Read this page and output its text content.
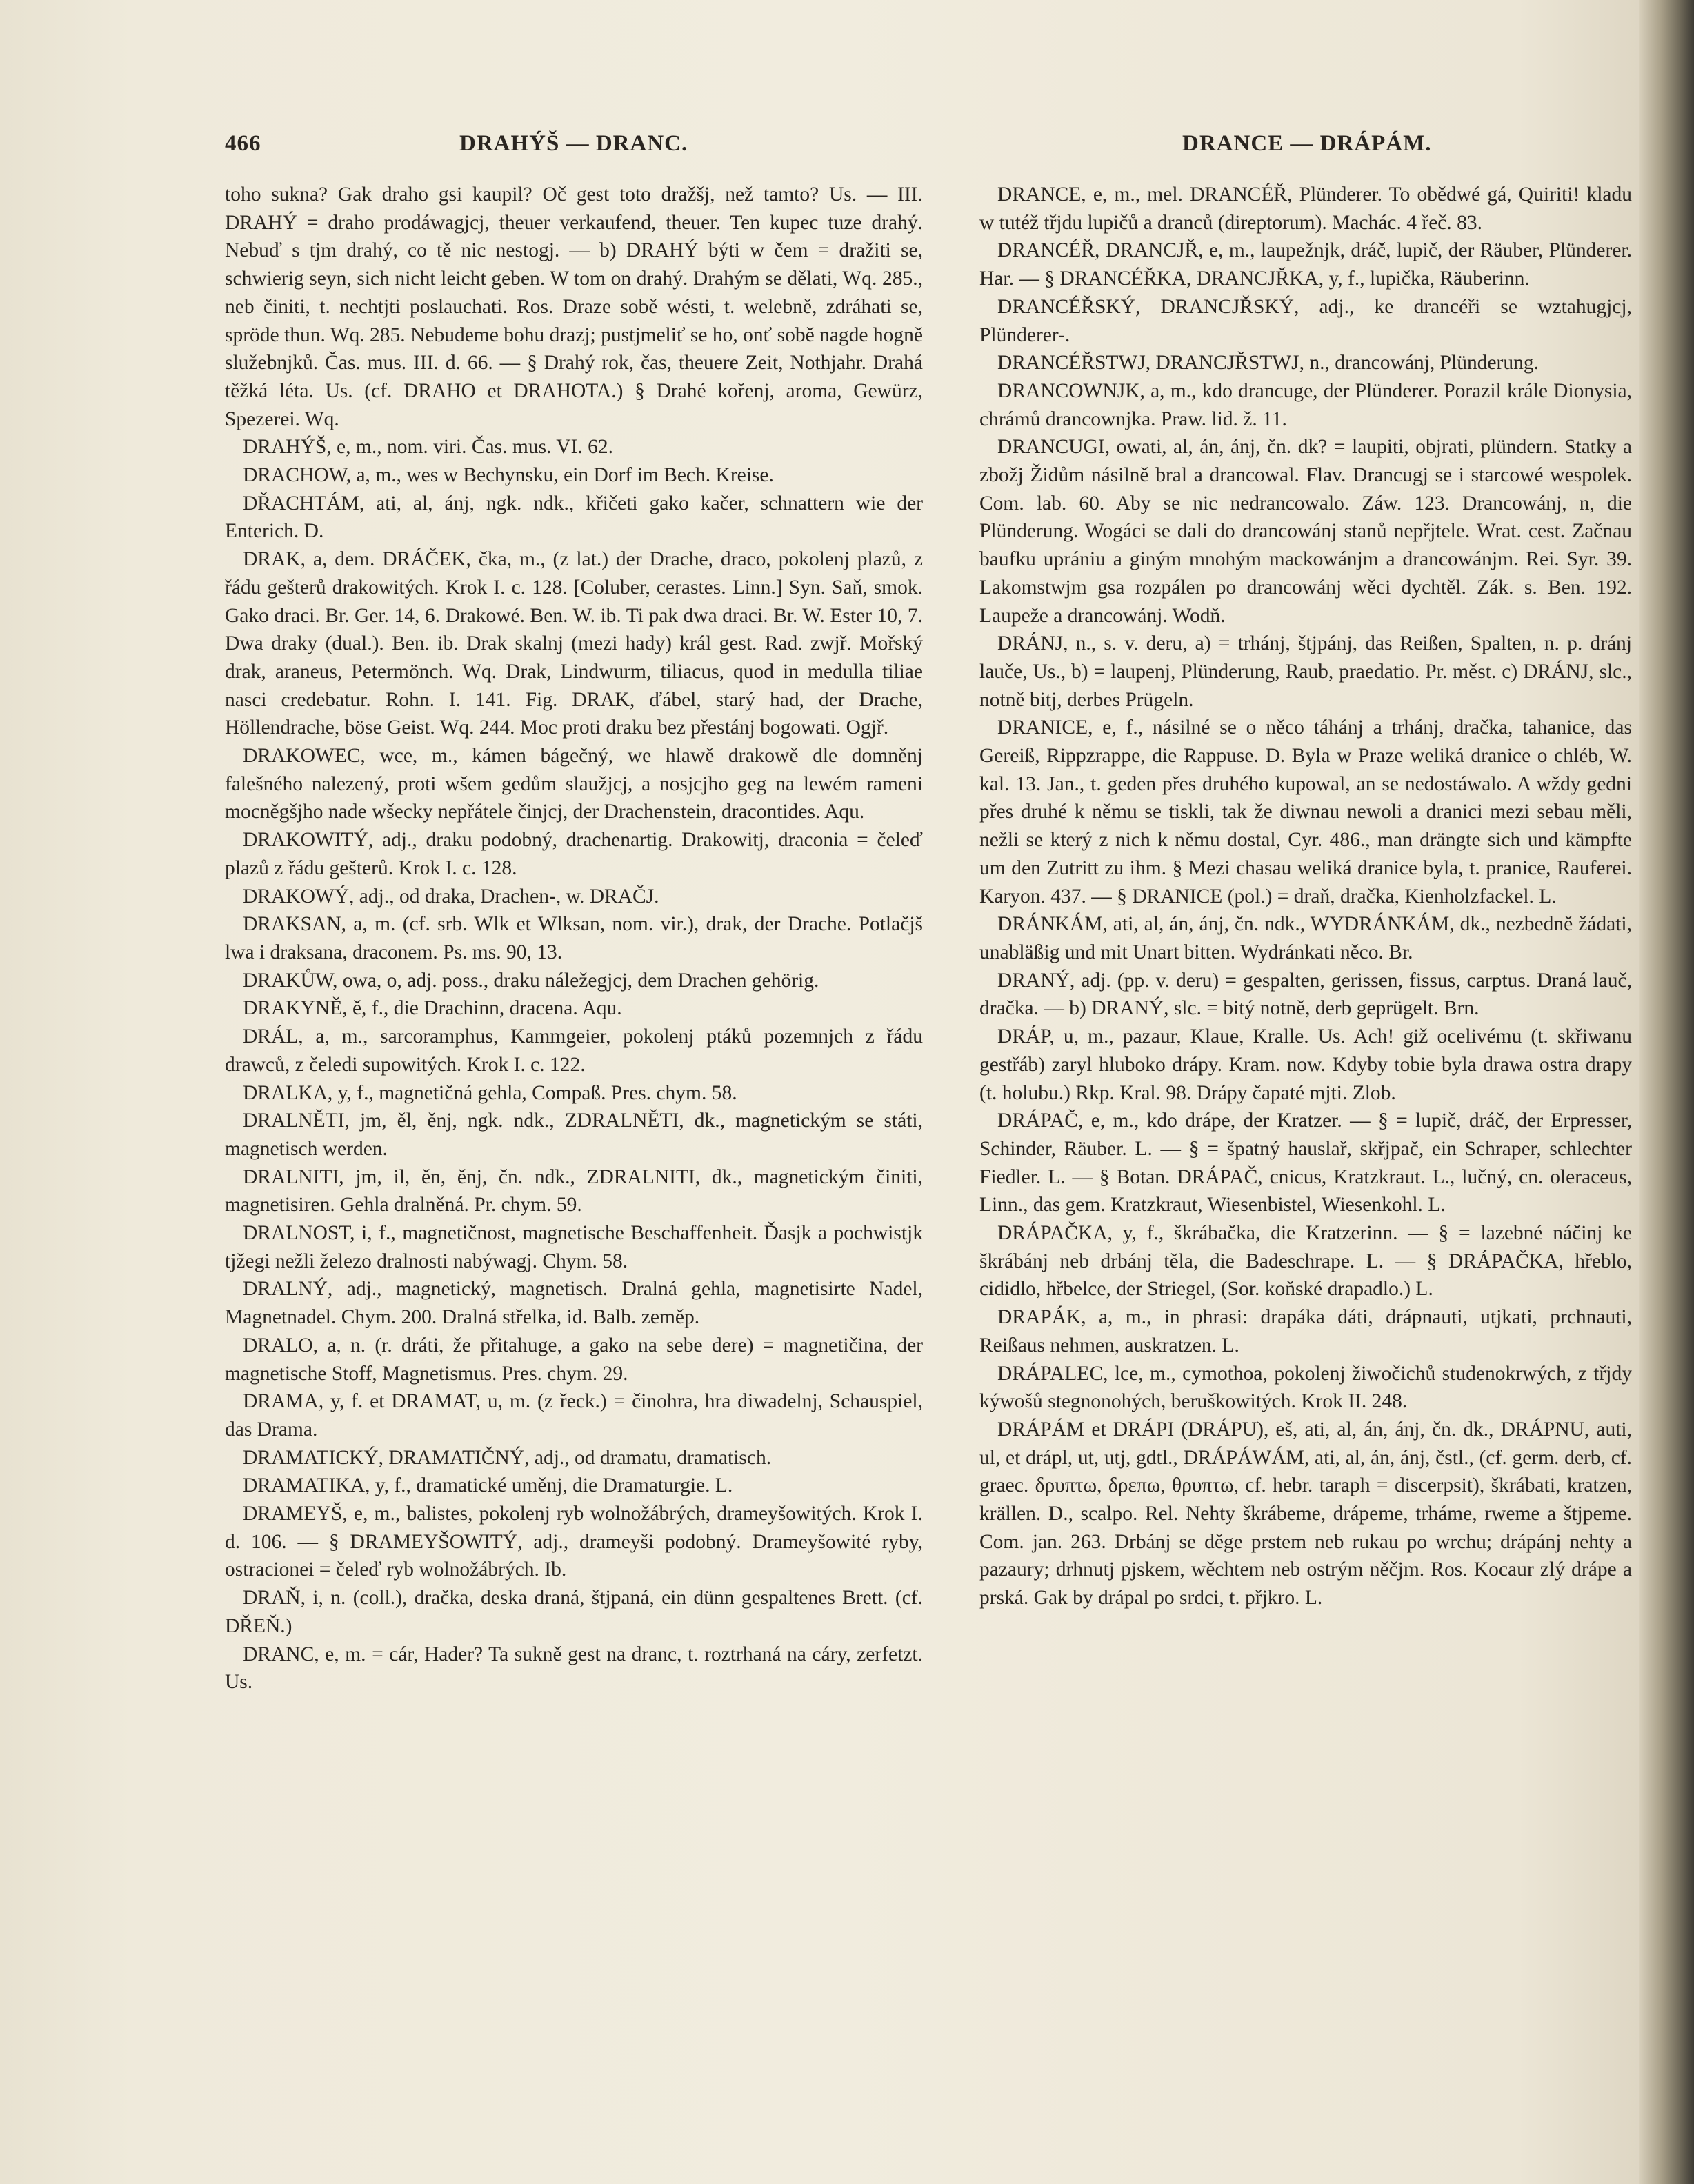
466	DRAHÝŠ — DRANC.	DRANCE — DRÁPÁM.

toho sukna? Gak draho gsi kaupil? Oč gest toto dražšj, než tamto? Us. — III. DRAHÝ = draho prodáwagjcj, theuer verkaufend, theuer. Ten kupec tuze drahý. Nebuď s tjm drahý, co tě nic nestogj. — b) DRAHÝ býti w čem = dražiti se, schwierig seyn, sich nicht leicht geben. W tom on drahý. Drahým se dělati, Wq. 285., neb činiti, t. nechtjti poslauchati. Ros. Draze sobě wésti, t. welebně, zdráhati se, spröde thun. Wq. 285. Nebudeme bohu drazj; pustjmeliť se ho, onť sobě nagde hogně služebnjků. Čas. mus. III. d. 66. — § Drahý rok, čas, theuere Zeit, Nothjahr. Drahá těžká léta. Us. (cf. DRAHO et DRAHOTA.) § Drahé kořenj, aroma, Gewürz, Spezerei. Wq.

DRAHÝŠ, e, m., nom. viri. Čas. mus. VI. 62.

DRACHOW, a, m., wes w Bechynsku, ein Dorf im Bech. Kreise.

DŘACHTÁM, ati, al, ánj, ngk. ndk., křičeti gako kačer, schnattern wie der Enterich. D.

DRAK, a, dem. DRÁČEK, čka, m., (z lat.) der Drache, draco, pokolenj plazů, z řádu gešterů drakowitých. Krok I. c. 128. [Coluber, cerastes. Linn.] Syn. Saň, smok. Gako draci. Br. Ger. 14, 6. Drakowé. Ben. W. ib. Ti pak dwa draci. Br. W. Ester 10, 7. Dwa draky (dual.). Ben. ib. Drak skalnj (mezi hady) král gest. Rad. zwjř. Mořský drak, araneus, Petermönch. Wq. Drak, Lindwurm, tiliacus, quod in medulla tiliae nasci credebatur. Rohn. I. 141. Fig. DRAK, ďábel, starý had, der Drache, Höllendrache, böse Geist. Wq. 244. Moc proti draku bez přestánj bogowati. Ogjř.

DRAKOWEC, wce, m., kámen bágečný, we hlawě drakowě dle domněnj falešného nalezený, proti wšem gedům slaužjcj, a nosjcjho geg na lewém rameni mocněgšjho nade wšecky nepřátele činjcj, der Drachenstein, dracontides. Aqu.

DRAKOWITÝ, adj., draku podobný, drachenartig. Drakowitj, draconia = čeleď plazů z řádu gešterů. Krok I. c. 128.

DRAKOWÝ, adj., od draka, Drachen-, w. DRAČJ.

DRAKSAN, a, m. (cf. srb. Wlk et Wlksan, nom. vir.), drak, der Drache. Potlačjš lwa i draksana, draconem. Ps. ms. 90, 13.

DRAKŮW, owa, o, adj. poss., draku náležegjcj, dem Drachen gehörig.

DRAKYNĚ, ě, f., die Drachinn, dracena. Aqu.

DRÁL, a, m., sarcoramphus, Kammgeier, pokolenj ptáků pozemnjch z řádu drawců, z čeledi supowitých. Krok I. c. 122.

DRALKA, y, f., magnetičná gehla, Compaß. Pres. chym. 58.

DRALNĚTI, jm, ěl, ěnj, ngk. ndk., ZDRALNĚTI, dk., magnetickým se státi, magnetisch werden.

DRALNITI, jm, il, ěn, ěnj, čn. ndk., ZDRALNITI, dk., magnetickým činiti, magnetisiren. Gehla dralněná. Pr. chym. 59.

DRALNOST, i, f., magnetičnost, magnetische Beschaffenheit. Ďasjk a pochwistjk tjžegi nežli železo dralnosti nabýwagj. Chym. 58.

DRALNÝ, adj., magnetický, magnetisch. Dralná gehla, magnetisirte Nadel, Magnetnadel. Chym. 200. Dralná střelka, id. Balb. zeměp.

DRALO, a, n. (r. dráti, že přitahuge, a gako na sebe dere) = magnetičina, der magnetische Stoff, Magnetismus. Pres. chym. 29.

DRAMA, y, f. et DRAMAT, u, m. (z řeck.) = činohra, hra diwadelnj, Schauspiel, das Drama.

DRAMATICKÝ, DRAMATIČNÝ, adj., od dramatu, dramatisch.

DRAMATIKA, y, f., dramatické uměnj, die Dramaturgie. L.

DRAMEYŠ, e, m., balistes, pokolenj ryb wolnožábrých, drameyšowitých. Krok I. d. 106. — § DRAMEYŠOWITÝ, adj., drameyši podobný. Drameyšowité ryby, ostracionei = čeleď ryb wolnožábrých. Ib.

DRAŇ, i, n. (coll.), dračka, deska draná, štjpaná, ein dünn gespaltenes Brett. (cf. DŘEŇ.)

DRANC, e, m. = cár, Hader? Ta sukně gest na dranc, t. roztrhaná na cáry, zerfetzt. Us.

DRANCE, e, m., mel. DRANCÉŘ, Plünderer. To obědwé gá, Quiriti! kladu w tutéž třjdu lupičů a dranců (direptorum). Machác. 4 řeč. 83.

DRANCÉŘ, DRANCJŘ, e, m., laupežnjk, dráč, lupič, der Räuber, Plünderer. Har. — § DRANCÉŘKA, DRANCJŘKA, y, f., lupička, Räuberinn.

DRANCÉŘSKÝ, DRANCJŘSKÝ, adj., ke drancéři se wztahugjcj, Plünderer-.

DRANCÉŘSTWJ, DRANCJŘSTWJ, n., drancowánj, Plünderung.

DRANCOWNJK, a, m., kdo drancuge, der Plünderer. Porazil krále Dionysia, chrámů drancownjka. Praw. lid. ž. 11.

DRANCUGI, owati, al, án, ánj, čn. dk? = laupiti, objrati, plündern. Statky a zbožj Židům násilně bral a drancowal. Flav. Drancugj se i starcowé wespolek. Com. lab. 60. Aby se nic nedrancowalo. Záw. 123. Drancowánj, n, die Plünderung. Wogáci se dali do drancowánj stanů nepřjtele. Wrat. cest. Začnau baufku uprániu a giným mnohým mackowánjm a drancowánjm. Rei. Syr. 39. Lakomstwjm gsa rozpálen po drancowánj wěci dychtěl. Zák. s. Ben. 192. Laupeže a drancowánj. Wodň.

DRÁNJ, n., s. v. deru, a) = trhánj, štjpánj, das Reißen, Spalten, n. p. dránj lauče, Us., b) = laupenj, Plünderung, Raub, praedatio. Pr. měst. c) DRÁNJ, slc., notně bitj, derbes Prügeln.

DRANICE, e, f., násilné se o něco táhánj a trhánj, dračka, tahanice, das Gereiß, Rippzrappe, die Rappuse. D. Byla w Praze weliká dranice o chléb, W. kal. 13. Jan., t. geden přes druhého kupowal, an se nedostáwalo. A wždy gedni přes druhé k němu se tiskli, tak že diwnau newoli a dranici mezi sebau měli, nežli se který z nich k němu dostal, Cyr. 486., man drängte sich und kämpfte um den Zutritt zu ihm. § Mezi chasau weliká dranice byla, t. pranice, Rauferei. Karyon. 437. — § DRANICE (pol.) = draň, dračka, Kienholzfackel. L.

DRÁNKÁM, ati, al, án, ánj, čn. ndk., WYDRÁNKÁM, dk., nezbedně žádati, unabläßig und mit Unart bitten. Wydránkati něco. Br.

DRANÝ, adj. (pp. v. deru) = gespalten, gerissen, fissus, carptus. Draná lauč, dračka. — b) DRANÝ, slc. = bitý notně, derb geprügelt. Brn.

DRÁP, u, m., pazaur, Klaue, Kralle. Us. Ach! giž ocelivému (t. skřiwanu gestřáb) zaryl hluboko drápy. Kram. now. Kdyby tobie byla drawa ostra drapy (t. holubu.) Rkp. Kral. 98. Drápy čapaté mjti. Zlob.

DRÁPAČ, e, m., kdo drápe, der Kratzer. — § = lupič, dráč, der Erpresser, Schinder, Räuber. L. — § = špatný hauslař, skřjpač, ein Schraper, schlechter Fiedler. L. — § Botan. DRÁPAČ, cnicus, Kratzkraut. L., lučný, cn. oleraceus, Linn., das gem. Kratzkraut, Wiesenbistel, Wiesenkohl. L.

DRÁPAČKA, y, f., škrábačka, die Kratzerinn. — § = lazebné náčinj ke škrábánj neb drbánj těla, die Badeschrape. L. — § DRÁPAČKA, hřeblo, cididlo, hřbelce, der Striegel, (Sor. koňské drapadlo.) L.

DRAPÁK, a, m., in phrasi: drapáka dáti, drápnauti, utjkati, prchnauti, Reißaus nehmen, auskratzen. L.

DRÁPALEC, lce, m., cymothoa, pokolenj žiwočichů studenokrwých, z třjdy kýwošů stegnonohých, beruškowitých. Krok II. 248.

DRÁPÁM et DRÁPI (DRÁPU), eš, ati, al, án, ánj, čn. dk., DRÁPNU, auti, ul, et drápl, ut, utj, gdtl., DRÁPÁWÁM, ati, al, án, ánj, čstl., (cf. germ. derb, cf. graec. δρυπτω, δρεπω, θρυπτω, cf. hebr. taraph = discerpsit), škrábati, kratzen, krällen. D., scalpo. Rel. Nehty škrábeme, drápeme, trháme, rweme a štjpeme. Com. jan. 263. Drbánj se děge prstem neb rukau po wrchu; drápánj nehty a pazaury; drhnutj pjskem, wěchtem neb ostrým něčjm. Ros. Kocaur zlý drápe a prská. Gak by drápal po srdci, t. přjkro. L.
